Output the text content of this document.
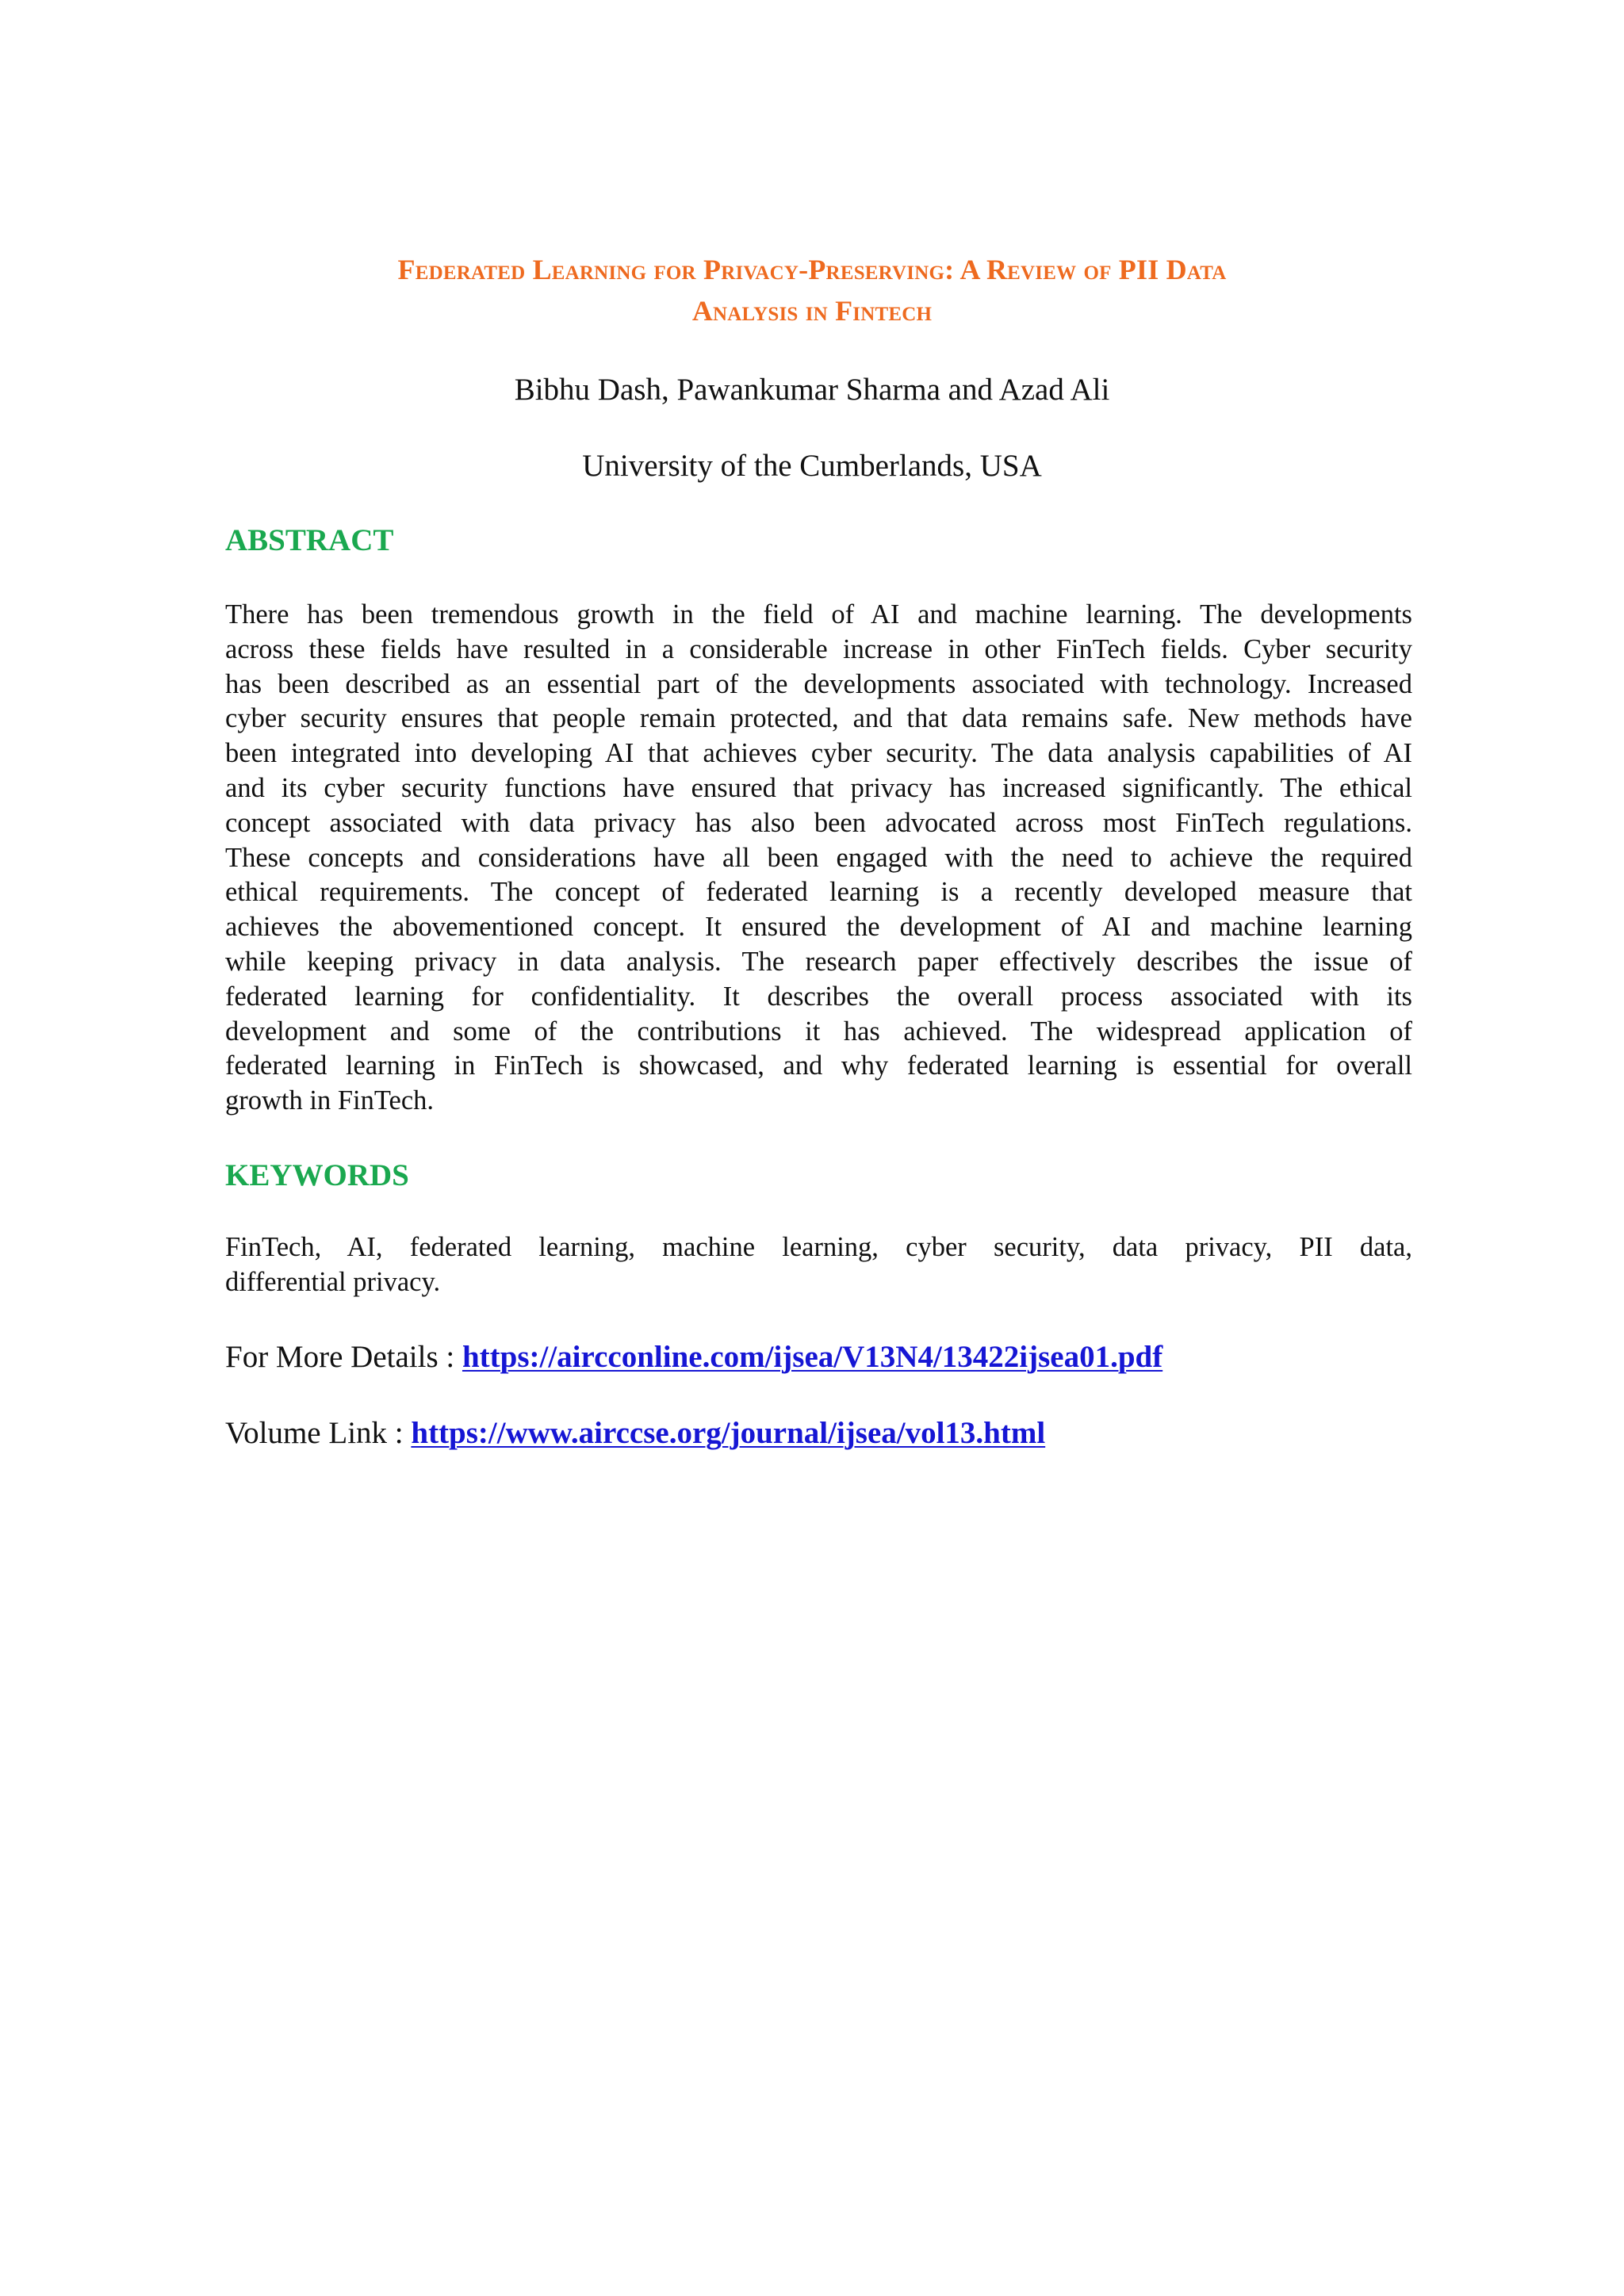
Federated Learning for Privacy-Preserving: A Review of PII Data
Analysis in Fintech
Bibhu Dash, Pawankumar Sharma and Azad Ali
University of the Cumberlands, USA
ABSTRACT
There has been tremendous growth in the field of AI and machine learning. The developments
across these fields have resulted in a considerable increase in other FinTech fields. Cyber security
has been described as an essential part of the developments associated with technology. Increased
cyber security ensures that people remain protected, and that data remains safe. New methods have
been integrated into developing AI that achieves cyber security. The data analysis capabilities of AI
and its cyber security functions have ensured that privacy has increased significantly. The ethical
concept associated with data privacy has also been advocated across most FinTech regulations.
These concepts and considerations have all been engaged with the need to achieve the required
ethical requirements. The concept of federated learning is a recently developed measure that
achieves the abovementioned concept. It ensured the development of AI and machine learning
while keeping privacy in data analysis. The research paper effectively describes the issue of
federated learning for confidentiality. It describes the overall process associated with its
development and some of the contributions it has achieved. The widespread application of
federated learning in FinTech is showcased, and why federated learning is essential for overall
growth in FinTech.
KEYWORDS
FinTech, AI, federated learning, machine learning, cyber security, data privacy, PII data,
differential privacy.
For More Details : https://aircconline.com/ijsea/V13N4/13422ijsea01.pdf
Volume Link : https://www.airccse.org/journal/ijsea/vol13.html
